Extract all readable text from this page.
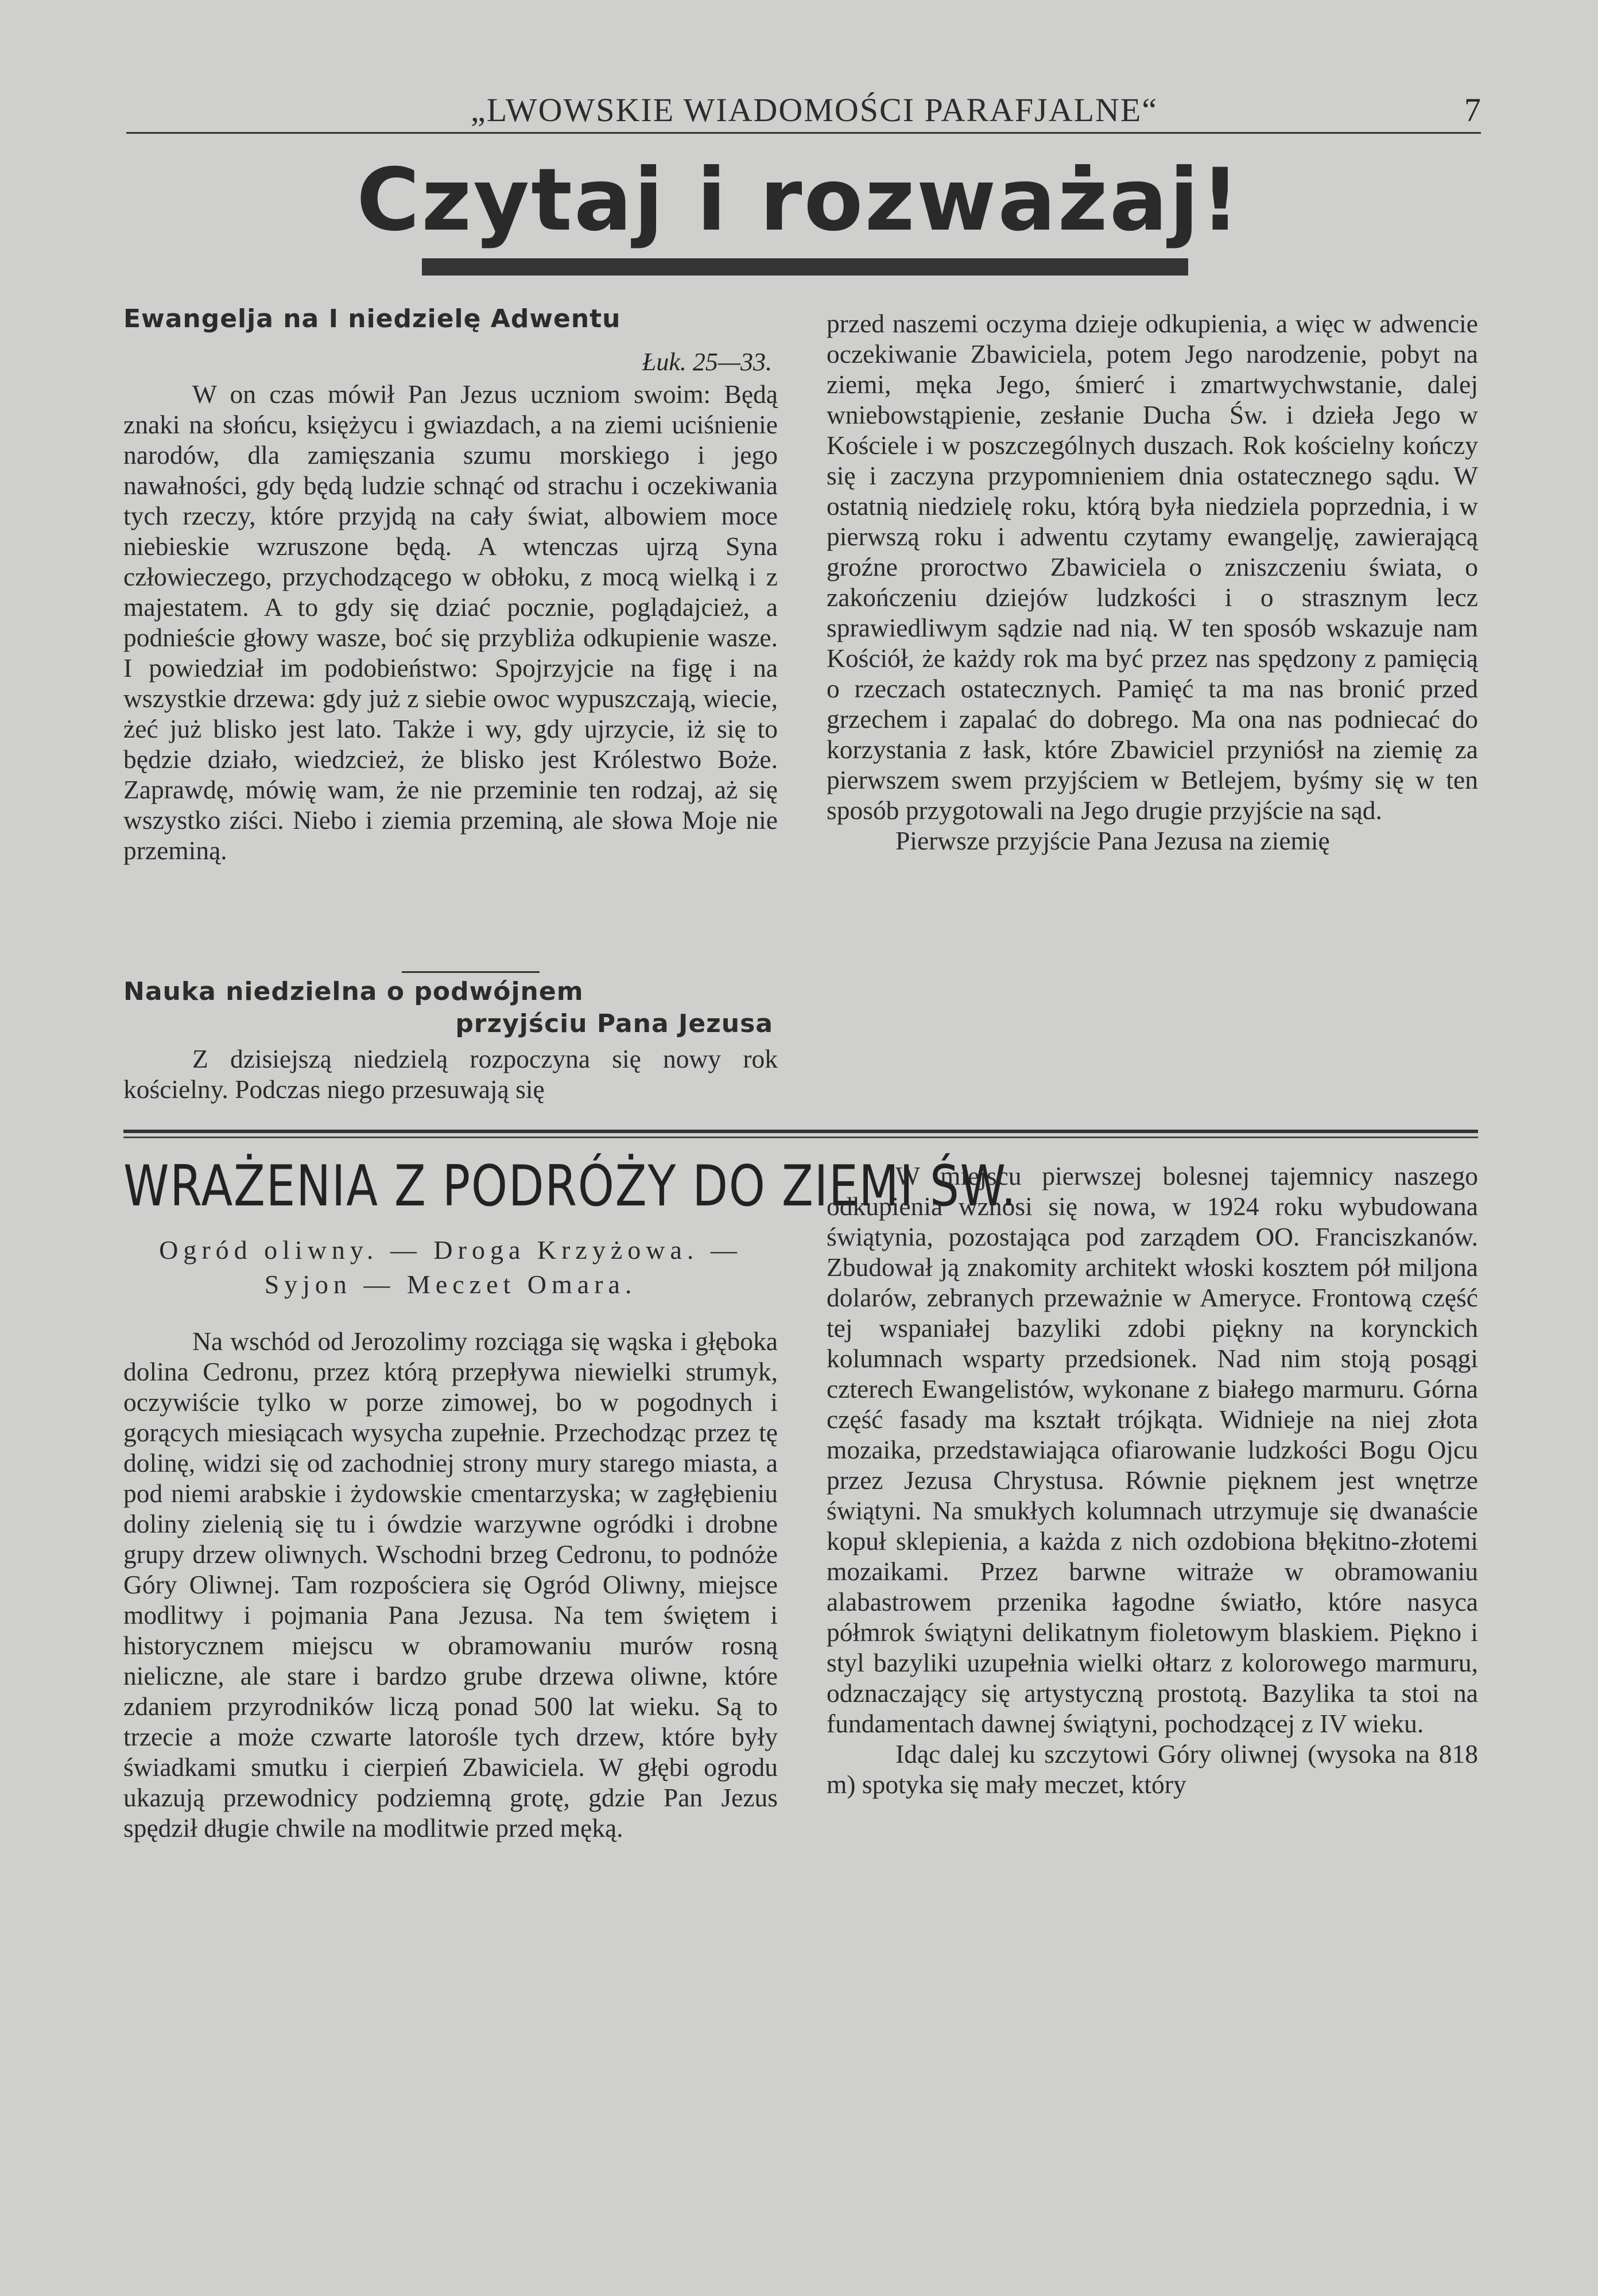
„LWOWSKIE WIADOMOŚCI PARAFJALNE“	7
Czytaj i rozważaj!
Ewangelja na I niedzielę Adwentu
Łuk. 25—33.

W on czas mówił Pan Jezus uczniom swoim: Będą znaki na słońcu, księżycu i gwiazdach, a na ziemi uciśnienie narodów, dla zamięszania szumu morskiego i jego nawałności, gdy będą ludzie schnąć od strachu i oczekiwania tych rzeczy, które przyjdą na cały świat, albowiem moce niebieskie wzruszone będą. A wtenczas ujrzą Syna człowieczego, przychodzącego w obłoku, z mocą wielką i z majestatem. A to gdy się dziać pocznie, poglądajcież, a podnieście głowy wasze, boć się przybliża odkupienie wasze. I powiedział im podobieństwo: Spojrzyjcie na figę i na wszystkie drzewa: gdy już z siebie owoc wypuszczają, wiecie, żeć już blisko jest lato. Także i wy, gdy ujrzycie, iż się to będzie działo, wiedzcież, że blisko jest Królestwo Boże. Zaprawdę, mówię wam, że nie przeminie ten rodzaj, aż się wszystko ziści. Niebo i ziemia przeminą, ale słowa Moje nie przeminą.

Nauka niedzielna o podwójnem
przyjściu Pana Jezusa

Z dzisiejszą niedzielą rozpoczyna się nowy rok kościelny. Podczas niego przesuwają się

przed naszemi oczyma dzieje odkupienia, a więc w adwencie oczekiwanie Zbawiciela, potem Jego narodzenie, pobyt na ziemi, męka Jego, śmierć i zmartwychwstanie, dalej wniebowstąpienie, zesłanie Ducha Św. i dzieła Jego w Kościele i w poszczególnych duszach. Rok kościelny kończy się i zaczyna przypomnieniem dnia ostatecznego sądu. W ostatnią niedzielę roku, którą była niedziela poprzednia, i w pierwszą roku i adwentu czytamy ewangelję, zawierającą groźne proroctwo Zbawiciela o zniszczeniu świata, o zakończeniu dziejów ludzkości i o strasznym lecz sprawiedliwym sądzie nad nią. W ten sposób wskazuje nam Kościół, że każdy rok ma być przez nas spędzony z pamięcią o rzeczach ostatecznych. Pamięć ta ma nas bronić przed grzechem i zapalać do dobrego. Ma ona nas podniecać do korzystania z łask, które Zbawiciel przyniósł na ziemię za pierwszem swem przyjściem w Betlejem, byśmy się w ten sposób przygotowali na Jego drugie przyjście na sąd.

Pierwsze przyjście Pana Jezusa na ziemię

WRAŻENIA Z PODRÓŻY DO ZIEMI ŚW.
Ogród oliwny. — Droga Krzyżowa. — Syjon — Meczet Omara.

Na wschód od Jerozolimy rozciąga się wąska i głęboka dolina Cedronu, przez którą przepływa niewielki strumyk, oczywiście tylko w porze zimowej, bo w pogodnych i gorących miesiącach wysycha zupełnie. Przechodząc przez tę dolinę, widzi się od zachodniej strony mury starego miasta, a pod niemi arabskie i żydowskie cmentarzyska; w zagłębieniu doliny zielenią się tu i ówdzie warzywne ogródki i drobne grupy drzew oliwnych. Wschodni brzeg Cedronu, to podnóże Góry Oliwnej. Tam rozpościera się Ogród Oliwny, miejsce modlitwy i pojmania Pana Jezusa. Na tem świętem i historycznem miejscu w obramowaniu murów rosną nieliczne, ale stare i bardzo grube drzewa oliwne, które zdaniem przyrodników liczą ponad 500 lat wieku. Są to trzecie a może czwarte latorośle tych drzew, które były świadkami smutku i cierpień Zbawiciela. W głębi ogrodu ukazują przewodnicy podziemną grotę, gdzie Pan Jezus spędził długie chwile na modlitwie przed męką.

W miejscu pierwszej bolesnej tajemnicy naszego odkupienia wznosi się nowa, w 1924 roku wybudowana świątynia, pozostająca pod zarządem OO. Franciszkanów. Zbudował ją znakomity architekt włoski kosztem pół miljona dolarów, zebranych przeważnie w Ameryce. Frontową część tej wspaniałej bazyliki zdobi piękny na korynckich kolumnach wsparty przedsionek. Nad nim stoją posągi czterech Ewangelistów, wykonane z białego marmuru. Górna część fasady ma kształt trójkąta. Widnieje na niej złota mozaika, przedstawiająca ofiarowanie ludzkości Bogu Ojcu przez Jezusa Chrystusa. Równie pięknem jest wnętrze świątyni. Na smukłych kolumnach utrzymuje się dwanaście kopuł sklepienia, a każda z nich ozdobiona błękitno-złotemi mozaikami. Przez barwne witraże w obramowaniu alabastrowem przenika łagodne światło, które nasyca półmrok świątyni delikatnym fioletowym blaskiem. Piękno i styl bazyliki uzupełnia wielki ołtarz z kolorowego marmuru, odznaczający się artystyczną prostotą. Bazylika ta stoi na fundamentach dawnej świątyni, pochodzącej z IV wieku.

Idąc dalej ku szczytowi Góry oliwnej (wysoka na 818 m) spotyka się mały meczet, który
